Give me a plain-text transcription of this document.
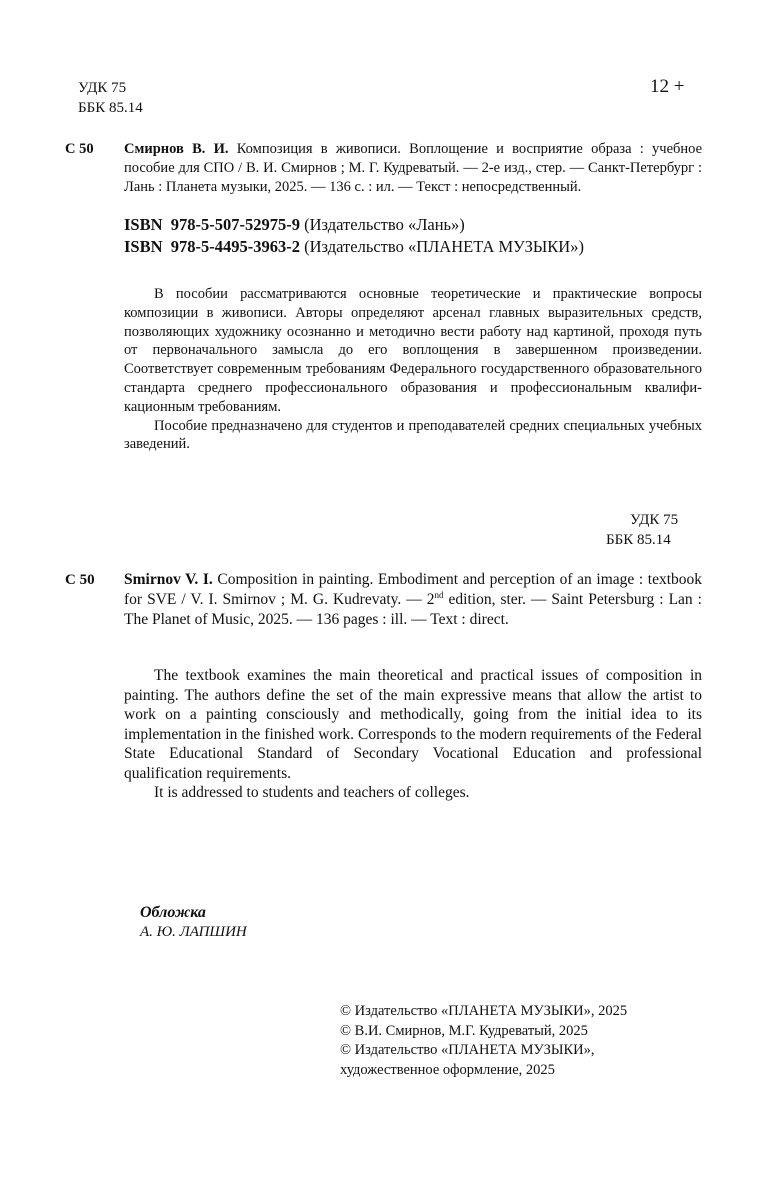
УДК 75
ББК 85.14
12 +
С 50 Смирнов В. И. Композиция в живописи. Воплощение и восприятие образа : учебное пособие для СПО / В. И. Смирнов ; М. Г. Кудреватый. — 2-е изд., стер. — Санкт-Петербург : Лань : Планета музыки, 2025. — 136 с. : ил. — Текст : непосредственный.
ISBN 978-5-507-52975-9 (Издательство «Лань»)
ISBN 978-5-4495-3963-2 (Издательство «ПЛАНЕТА МУЗЫКИ»)
В пособии рассматриваются основные теоретические и практические вопросы композиции в живописи. Авторы определяют арсенал главных выразительных средств, позволяющих художнику осознанно и методично вести работу над картиной, проходя путь от первоначального замысла до его воплощения в завершенном произведении. Соответствует современным требованиям Федерального государственного образовательного стандарта среднего профессионального образования и профессиональным квалификационным требованиям.
Пособие предназначено для студентов и преподавателей средних специальных учебных заведений.
УДК 75
ББК 85.14
С 50 Smirnov V. I. Composition in painting. Embodiment and perception of an image : textbook for SVE / V. I. Smirnov ; M. G. Kudrevaty. — 2nd edition, ster. — Saint Petersburg : Lan : The Planet of Music, 2025. — 136 pages : ill. — Text : direct.
The textbook examines the main theoretical and practical issues of composition in painting. The authors define the set of the main expressive means that allow the artist to work on a painting consciously and methodically, going from the initial idea to its implementation in the finished work. Corresponds to the modern requirements of the Federal State Educational Standard of Secondary Vocational Education and professional qualification requirements.
It is addressed to students and teachers of colleges.
Обложка
А. Ю. ЛАПШИН
© Издательство «ПЛАНЕТА МУЗЫКИ», 2025
© В.И. Смирнов, М.Г. Кудреватый, 2025
© Издательство «ПЛАНЕТА МУЗЫКИ»,
художественное оформление, 2025
